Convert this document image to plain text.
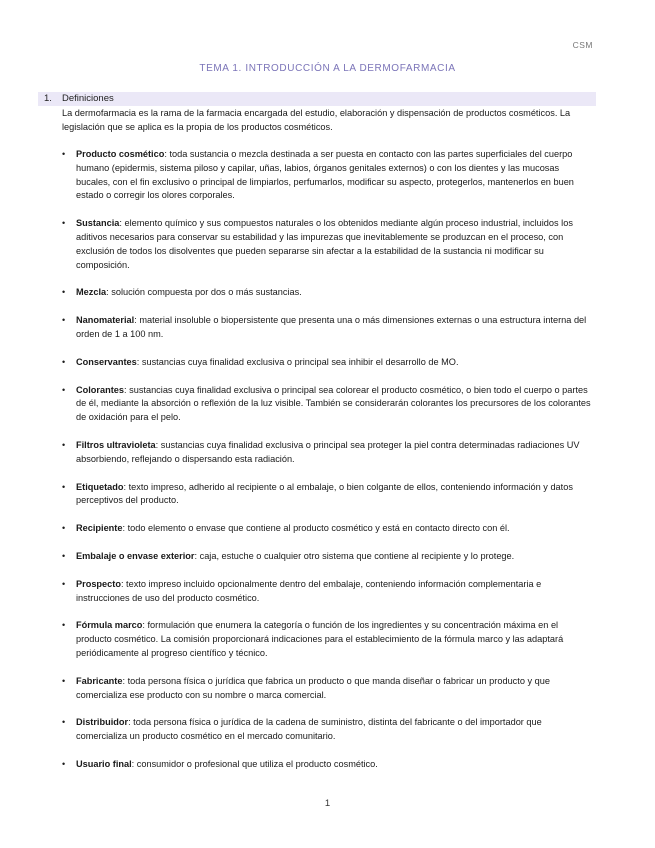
CSM
TEMA 1. INTRODUCCIÓN A LA DERMOFARMACIA
1. Definiciones
La dermofarmacia es la rama de la farmacia encargada del estudio, elaboración y dispensación de productos cosméticos. La legislación que se aplica es la propia de los productos cosméticos.
• Producto cosmético: toda sustancia o mezcla destinada a ser puesta en contacto con las partes superficiales del cuerpo humano (epidermis, sistema piloso y capilar, uñas, labios, órganos genitales externos) o con los dientes y las mucosas bucales, con el fin exclusivo o principal de limpiarlos, perfumarlos, modificar su aspecto, protegerlos, mantenerlos en buen estado o corregir los olores corporales.
• Sustancia: elemento químico y sus compuestos naturales o los obtenidos mediante algún proceso industrial, incluidos los aditivos necesarios para conservar su estabilidad y las impurezas que inevitablemente se produzcan en el proceso, con exclusión de todos los disolventes que pueden separarse sin afectar a la estabilidad de la sustancia ni modificar su composición.
• Mezcla: solución compuesta por dos o más sustancias.
• Nanomaterial: material insoluble o biopersistente que presenta una o más dimensiones externas o una estructura interna del orden de 1 a 100 nm.
• Conservantes: sustancias cuya finalidad exclusiva o principal sea inhibir el desarrollo de MO.
• Colorantes: sustancias cuya finalidad exclusiva o principal sea colorear el producto cosmético, o bien todo el cuerpo o partes de él, mediante la absorción o reflexión de la luz visible. También se considerarán colorantes los precursores de los colorantes de oxidación para el pelo.
• Filtros ultravioleta: sustancias cuya finalidad exclusiva o principal sea proteger la piel contra determinadas radiaciones UV absorbiendo, reflejando o dispersando esta radiación.
• Etiquetado: texto impreso, adherido al recipiente o al embalaje, o bien colgante de ellos, conteniendo información y datos perceptivos del producto.
• Recipiente: todo elemento o envase que contiene al producto cosmético y está en contacto directo con él.
• Embalaje o envase exterior: caja, estuche o cualquier otro sistema que contiene al recipiente y lo protege.
• Prospecto: texto impreso incluido opcionalmente dentro del embalaje, conteniendo información complementaria e instrucciones de uso del producto cosmético.
• Fórmula marco: formulación que enumera la categoría o función de los ingredientes y su concentración máxima en el producto cosmético. La comisión proporcionará indicaciones para el establecimiento de la fórmula marco y las adaptará periódicamente al progreso científico y técnico.
• Fabricante: toda persona física o jurídica que fabrica un producto o que manda diseñar o fabricar un producto y que comercializa ese producto con su nombre o marca comercial.
• Distribuidor: toda persona física o jurídica de la cadena de suministro, distinta del fabricante o del importador que comercializa un producto cosmético en el mercado comunitario.
• Usuario final: consumidor o profesional que utiliza el producto cosmético.
1
